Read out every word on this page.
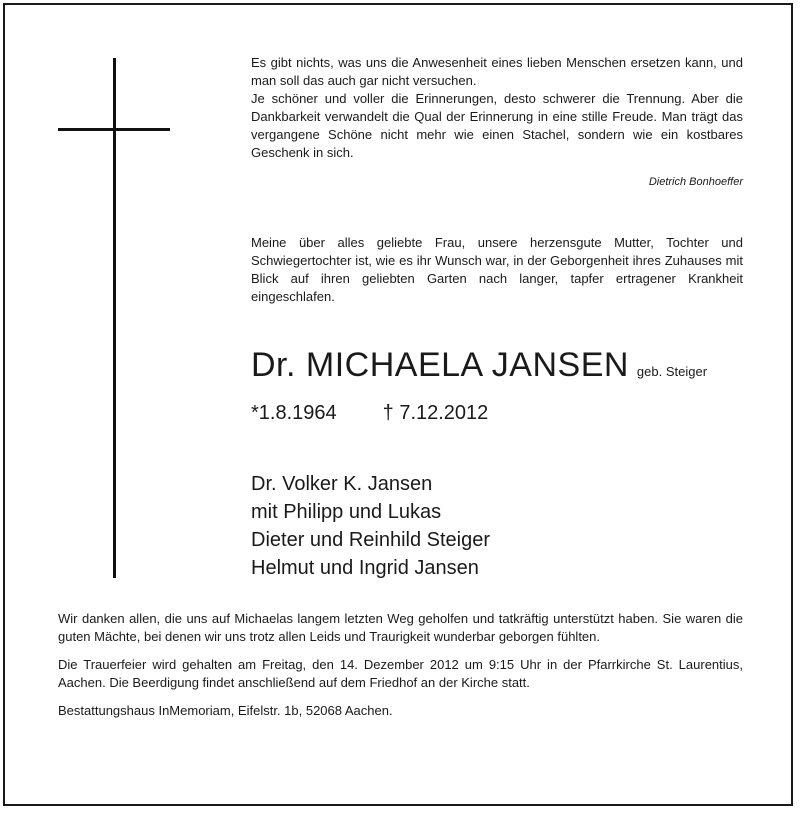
Es gibt nichts, was uns die Anwesenheit eines lieben Menschen ersetzen kann, und man soll das auch gar nicht versuchen.

Je schöner und voller die Erinnerungen, desto schwerer die Trennung. Aber die Dankbarkeit verwandelt die Qual der Erinnerung in eine stille Freude. Man trägt das vergangene Schöne nicht mehr wie einen Stachel, sondern wie ein kostbares Geschenk in sich.

Dietrich Bonhoeffer
Meine über alles geliebte Frau, unsere herzensgute Mutter, Tochter und Schwiegertochter ist, wie es ihr Wunsch war, in der Geborgenheit ihres Zuhauses mit Blick auf ihren geliebten Garten nach langer, tapfer ertragener Krankheit eingeschlafen.
Dr. MICHAELA JANSEN geb. Steiger
*1.8.1964 † 7.12.2012
Dr. Volker K. Jansen
mit Philipp und Lukas
Dieter und Reinhild Steiger
Helmut und Ingrid Jansen

Wir danken allen, die uns auf Michaelas langem letzten Weg geholfen und tatkräftig unterstützt haben. Sie waren die guten Mächte, bei denen wir uns trotz allen Leids und Traurigkeit wunderbar geborgen fühlten.

Die Trauerfeier wird gehalten am Freitag, den 14. Dezember 2012 um 9:15 Uhr in der Pfarrkirche St. Laurentius, Aachen. Die Beerdigung findet anschließend auf dem Friedhof an der Kirche statt.

Bestattungshaus InMemoriam, Eifelstr. 1b, 52068 Aachen.
